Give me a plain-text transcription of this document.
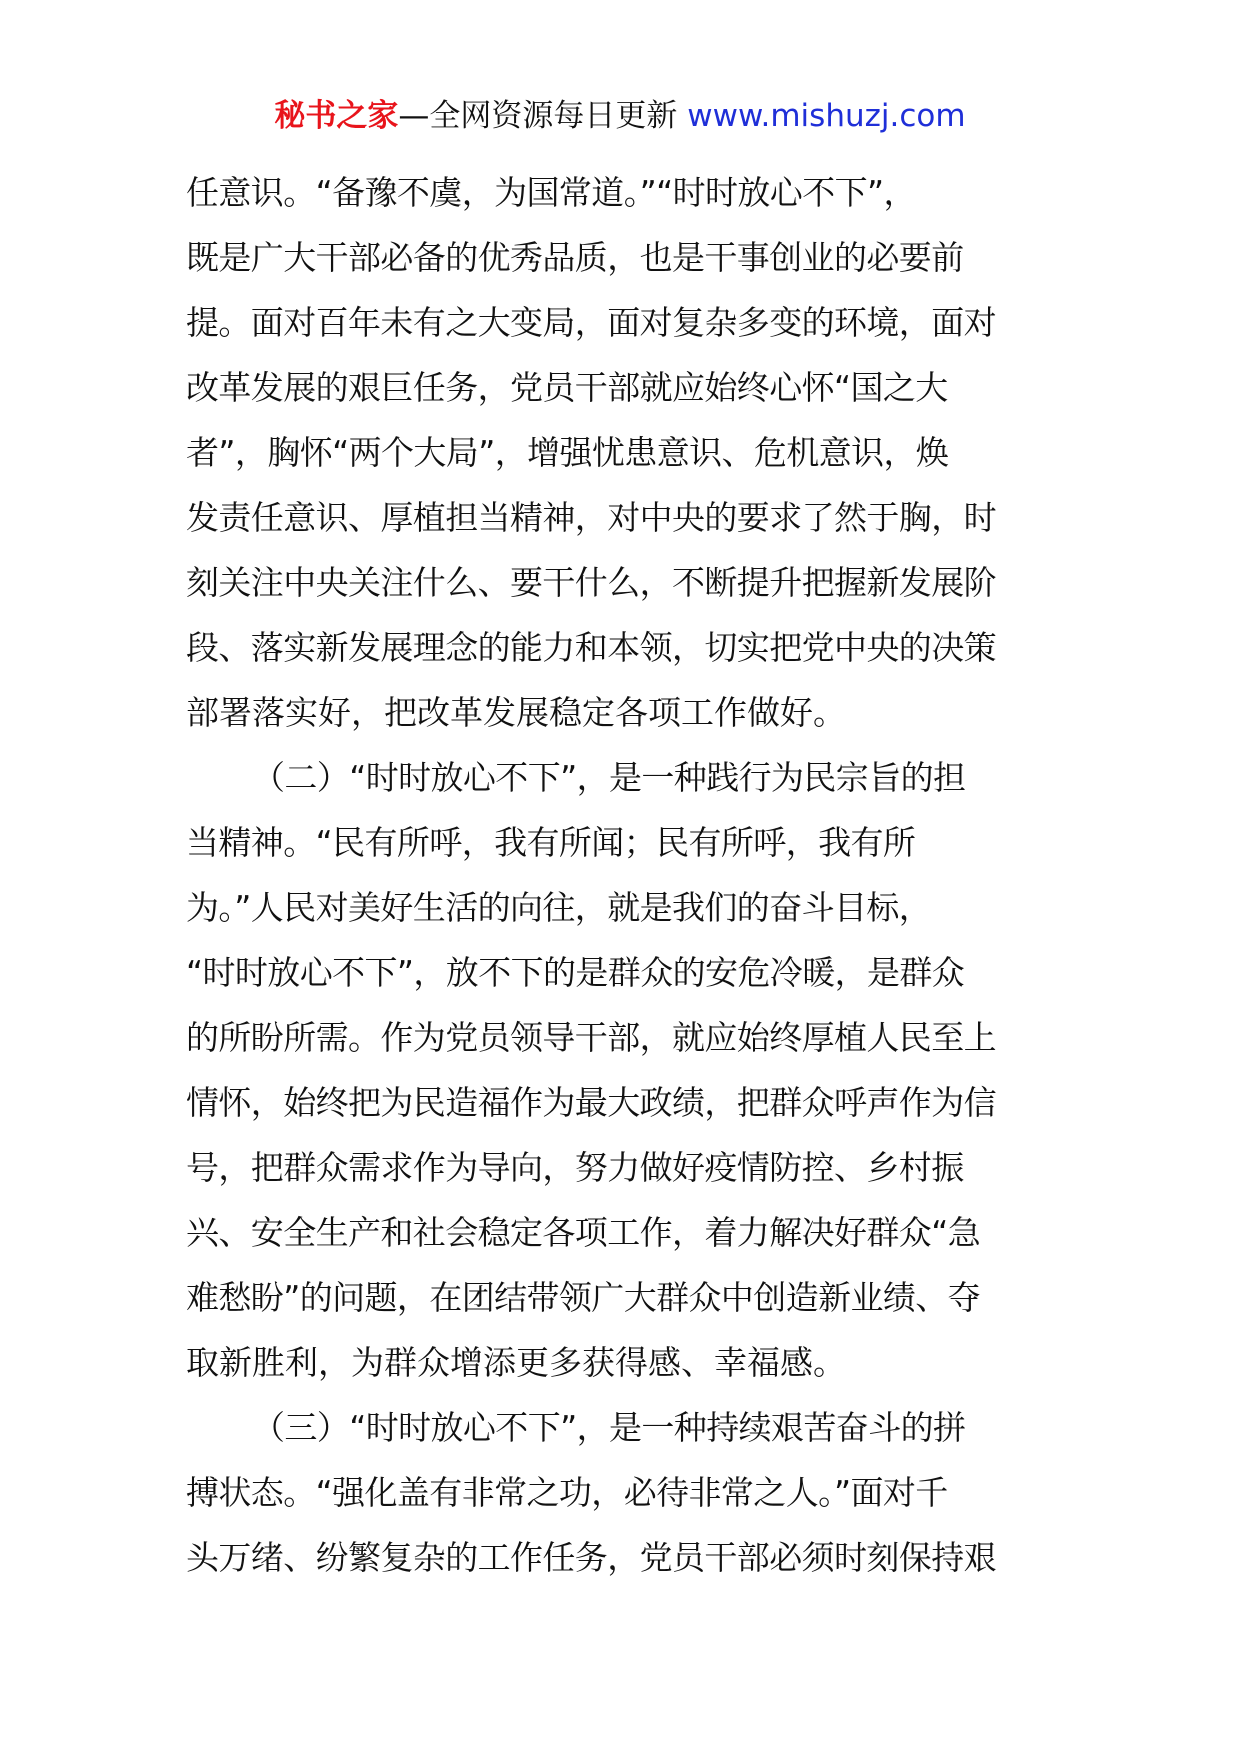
秘书之家—全网资源每日更新 www.mishuzj.com
任意识。“备豫不虞，为国常道。”“时时放心不下”，
既是广大干部必备的优秀品质，也是干事创业的必要前
提。面对百年未有之大变局，面对复杂多变的环境，面对
改革发展的艰巨任务，党员干部就应始终心怀“国之大
者”，胸怀“两个大局”，增强忧患意识、危机意识，焕
发责任意识、厚植担当精神，对中央的要求了然于胸，时
刻关注中央关注什么、要干什么，不断提升把握新发展阶
段、落实新发展理念的能力和本领，切实把党中央的决策
部署落实好，把改革发展稳定各项工作做好。
（二）“时时放心不下”，是一种践行为民宗旨的担
当精神。“民有所呼，我有所闻；民有所呼，我有所
为。”人民对美好生活的向往，就是我们的奋斗目标，
“时时放心不下”，放不下的是群众的安危冷暖，是群众
的所盼所需。作为党员领导干部，就应始终厚植人民至上
情怀，始终把为民造福作为最大政绩，把群众呼声作为信
号，把群众需求作为导向，努力做好疫情防控、乡村振
兴、安全生产和社会稳定各项工作，着力解决好群众“急
难愁盼”的问题，在团结带领广大群众中创造新业绩、夺
取新胜利，为群众增添更多获得感、幸福感。
（三）“时时放心不下”，是一种持续艰苦奋斗的拼
搏状态。“强化盖有非常之功，必待非常之人。”面对千
头万绪、纷繁复杂的工作任务，党员干部必须时刻保持艰
